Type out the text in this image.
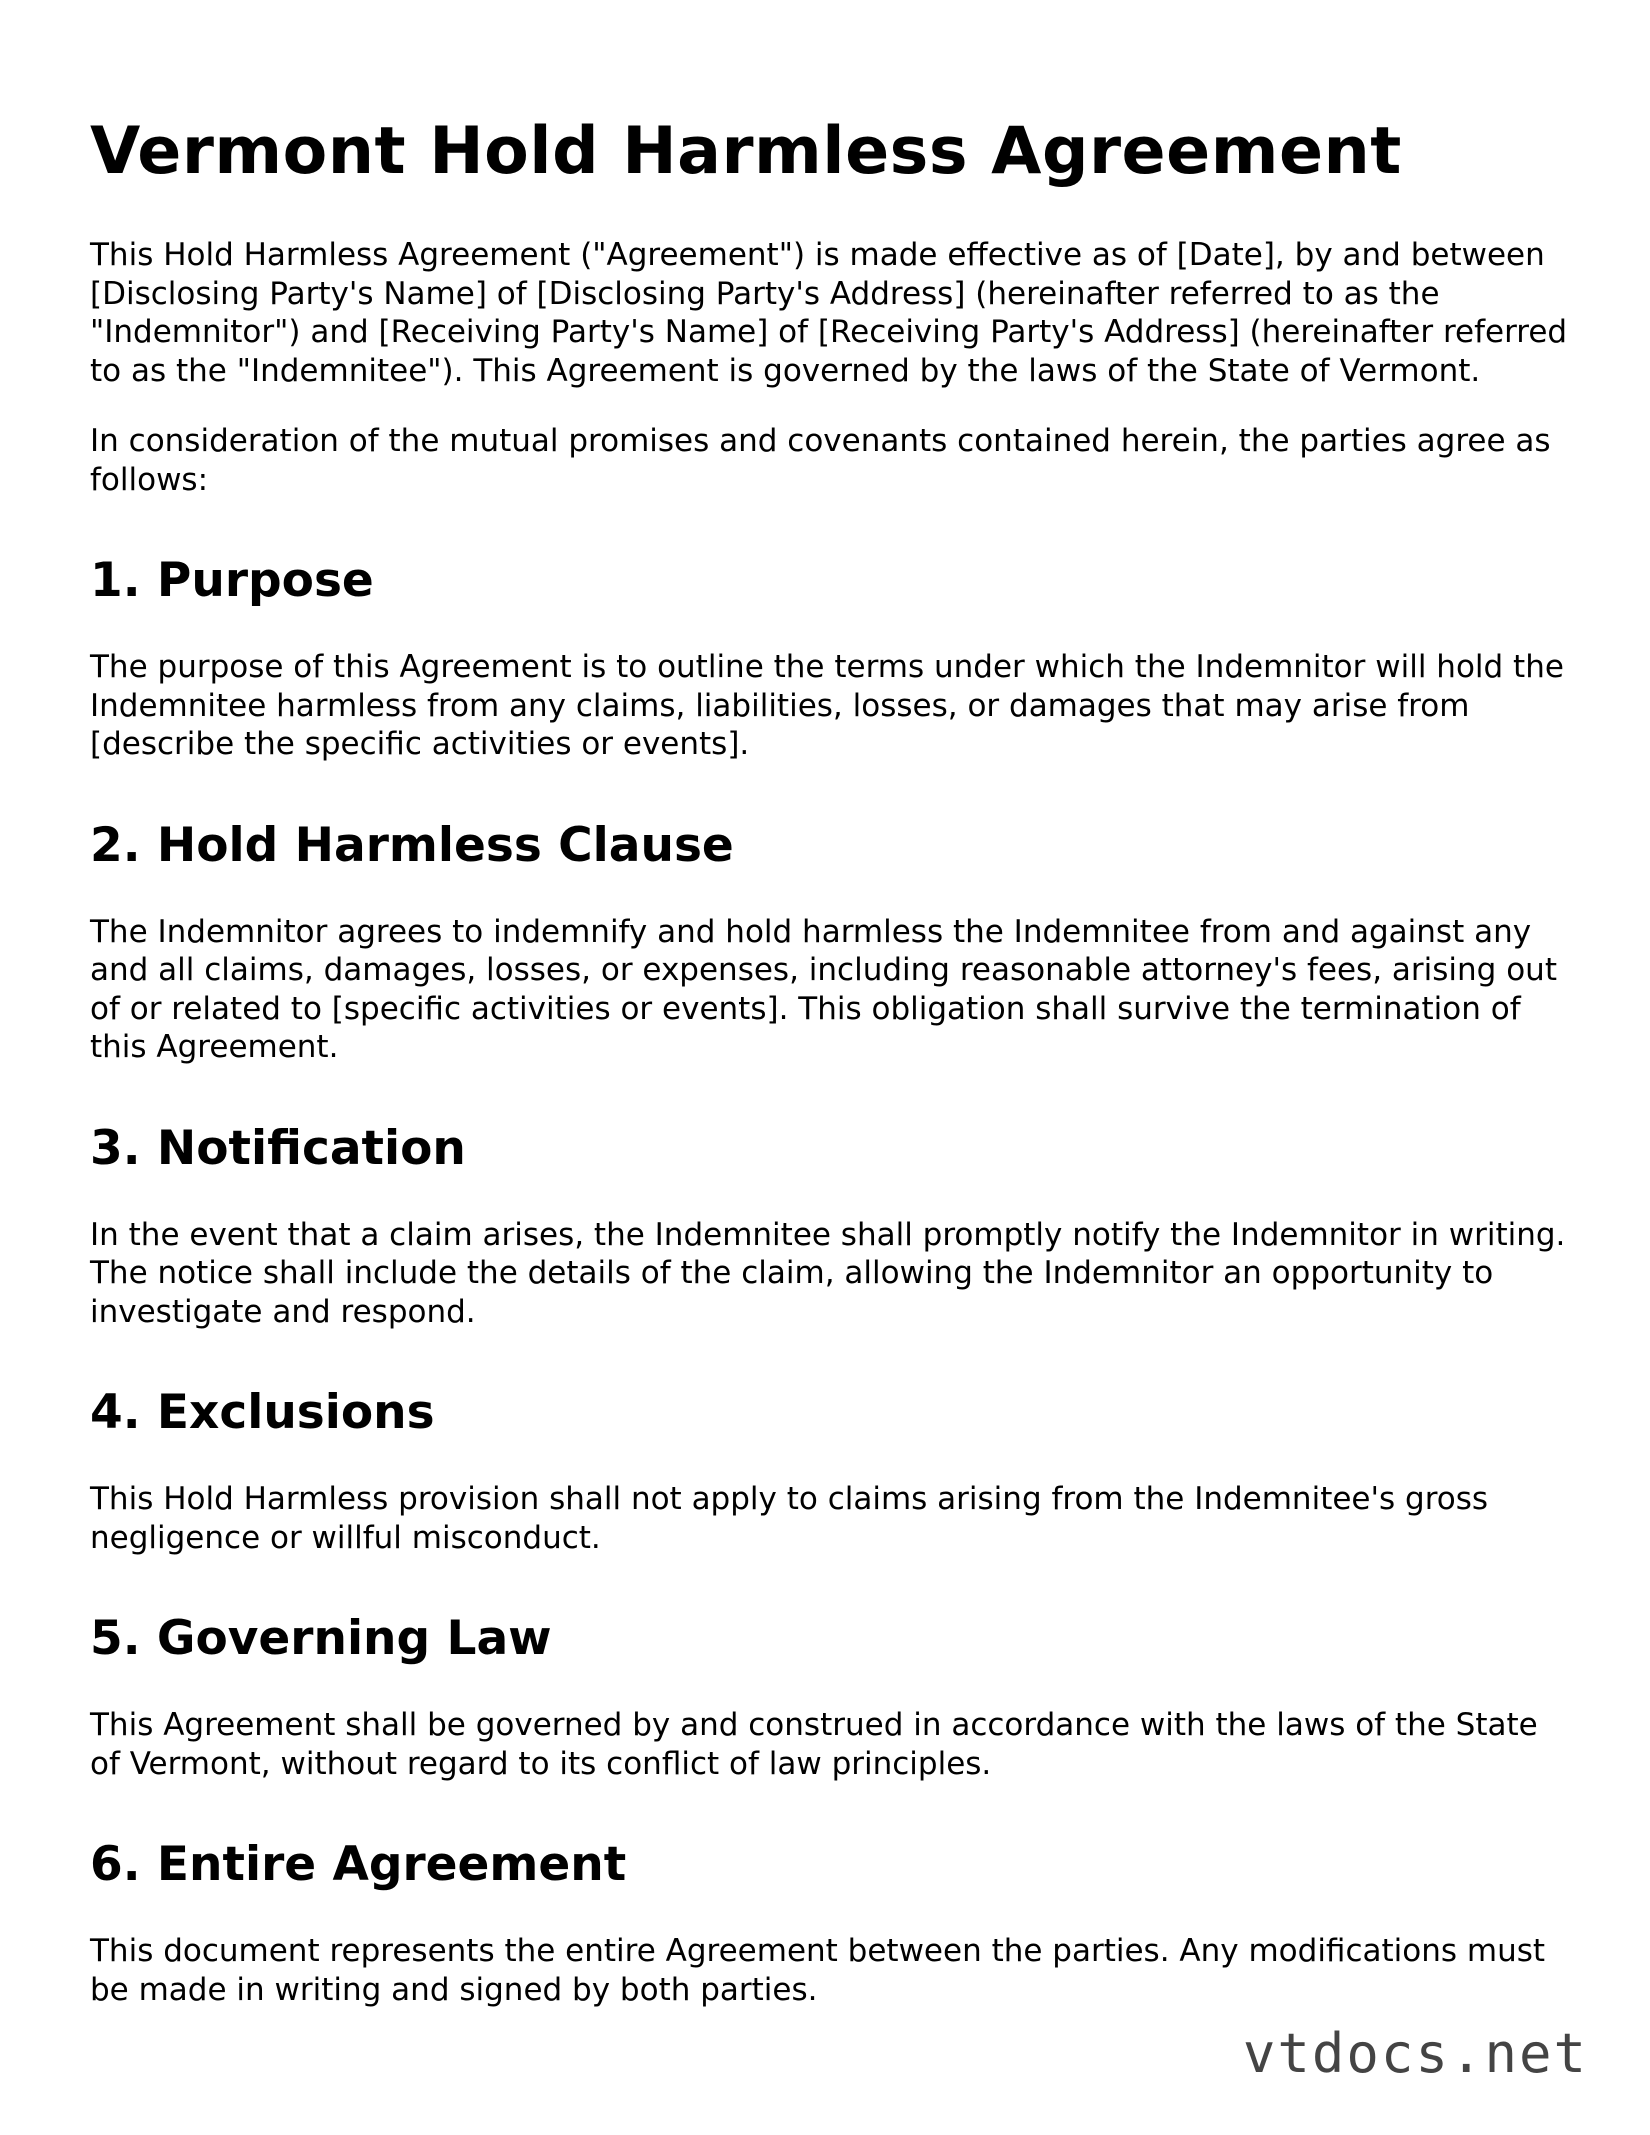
Vermont Hold Harmless Agreement

This Hold Harmless Agreement ("Agreement") is made effective as of [Date], by and between [Disclosing Party's Name] of [Disclosing Party's Address] (hereinafter referred to as the "Indemnitor") and [Receiving Party's Name] of [Receiving Party's Address] (hereinafter referred to as the "Indemnitee"). This Agreement is governed by the laws of the State of Vermont.

In consideration of the mutual promises and covenants contained herein, the parties agree as follows:

1. Purpose

The purpose of this Agreement is to outline the terms under which the Indemnitor will hold the Indemnitee harmless from any claims, liabilities, losses, or damages that may arise from [describe the specific activities or events].

2. Hold Harmless Clause

The Indemnitor agrees to indemnify and hold harmless the Indemnitee from and against any and all claims, damages, losses, or expenses, including reasonable attorney's fees, arising out of or related to [specific activities or events]. This obligation shall survive the termination of this Agreement.

3. Notification

In the event that a claim arises, the Indemnitee shall promptly notify the Indemnitor in writing. The notice shall include the details of the claim, allowing the Indemnitor an opportunity to investigate and respond.

4. Exclusions

This Hold Harmless provision shall not apply to claims arising from the Indemnitee's gross negligence or willful misconduct.

5. Governing Law

This Agreement shall be governed by and construed in accordance with the laws of the State of Vermont, without regard to its conflict of law principles.

6. Entire Agreement

This document represents the entire Agreement between the parties. Any modifications must be made in writing and signed by both parties.

vtdocs.net
